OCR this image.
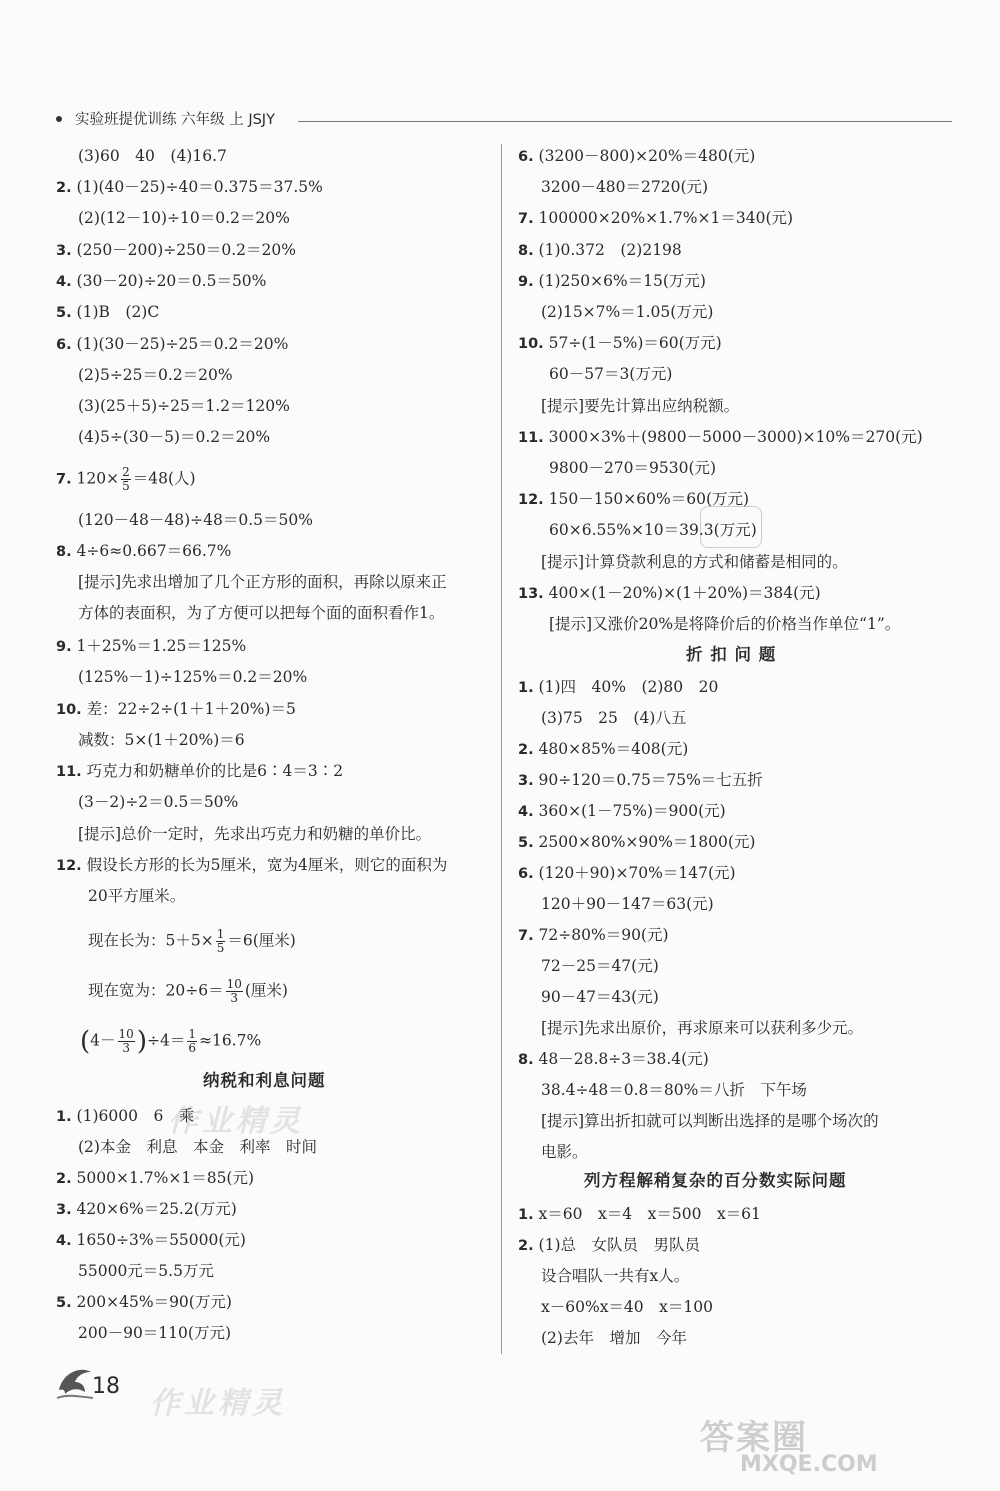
实验班提优训练 六年级 上 JSJY
(3)60　40　(4)16.7
2. (1)(40－25)÷40＝0.375＝37.5%
(2)(12－10)÷10＝0.2＝20%
3. (250－200)÷250＝0.2＝20%
4. (30－20)÷20＝0.5＝50%
5. (1)B　(2)C
6. (1)(30－25)÷25＝0.2＝20%
(2)5÷25＝0.2＝20%
(3)(25＋5)÷25＝1.2＝120%
(4)5÷(30－5)＝0.2＝20%
7. $120\times \frac{2}{5} =48$(人)
(120－48－48)÷48＝0.5＝50%
8. 4÷6≈0.667＝66.7%
[提示]先求出增加了几个正方形的面积，再除以原来正
方体的表面积，为了方便可以把每个面的面积看作1。
9. 1＋25%＝1.25＝125%
(125%－1)÷125%＝0.2＝20%
10. 差：22÷2÷(1＋1＋20%)＝5
减数：5×(1＋20%)＝6
11. 巧克力和奶糖单价的比是6∶4＝3∶2
(3－2)÷2＝0.5＝50%
[提示]总价一定时，先求出巧克力和奶糖的单价比。
12. 假设长方形的长为5厘米，宽为4厘米，则它的面积为
20平方厘米。
现在长为：$5+5\times \frac{1}{5} =6$(厘米)
现在宽为：$20\div 6= \frac{10}{3}$ (厘米)
$(4- \frac{10}{3} )\div 4= \frac{1}{6} \approx 16.7\%$
纳税和利息问题
1. (1)6000　6　乘
(2)本金　利息　本金　利率　时间
2. 5000×1.7%×1＝85(元)
3. 420×6%＝25.2(万元)
4. 1650÷3%＝55000(元)
55000元＝5.5万元
5. 200×45%＝90(万元)
200－90＝110(万元)
6. (3200－800)×20%＝480(元)
3200－480＝2720(元)
7. 100000×20%×1.7%×1＝340(元)
8. (1)0.372　(2)2198
9. (1)250×6%＝15(万元)
(2)15×7%＝1.05(万元)
10. 57÷(1－5%)＝60(万元)
60－57＝3(万元)
[提示]要先计算出应纳税额。
11. 3000×3%＋(9800－5000－3000)×10%＝270(元)
9800－270＝9530(元)
12. 150－150×60%＝60(万元)
60×6.55%×10＝39.3(万元)
[提示]计算贷款利息的方式和储蓄是相同的。
13. 400×(1－20%)×(1＋20%)＝384(元)
[提示]又涨价20%是将降价后的价格当作单位“1”。
折 扣 问 题
1. (1)四　40%　(2)80　20
(3)75　25　(4)八五
2. 480×85%＝408(元)
3. 90÷120＝0.75＝75%＝七五折
4. 360×(1－75%)＝900(元)
5. 2500×80%×90%＝1800(元)
6. (120＋90)×70%＝147(元)
120＋90－147＝63(元)
7. 72÷80%＝90(元)
72－25＝47(元)
90－47＝43(元)
[提示]先求出原价，再求原来可以获利多少元。
8. 48－28.8÷3＝38.4(元)
38.4÷48＝0.8＝80%＝八折　下午场
[提示]算出折扣就可以判断出选择的是哪个场次的
电影。
列方程解稍复杂的百分数实际问题
1. x＝60　x＝4　x＝500　x＝61
2. (1)总　女队员　男队员
设合唱队一共有x人。
x－60%x＝40　x＝100
(2)去年　增加　今年
18
作业精灵
作业精灵
答案圈
MXQE.COM
